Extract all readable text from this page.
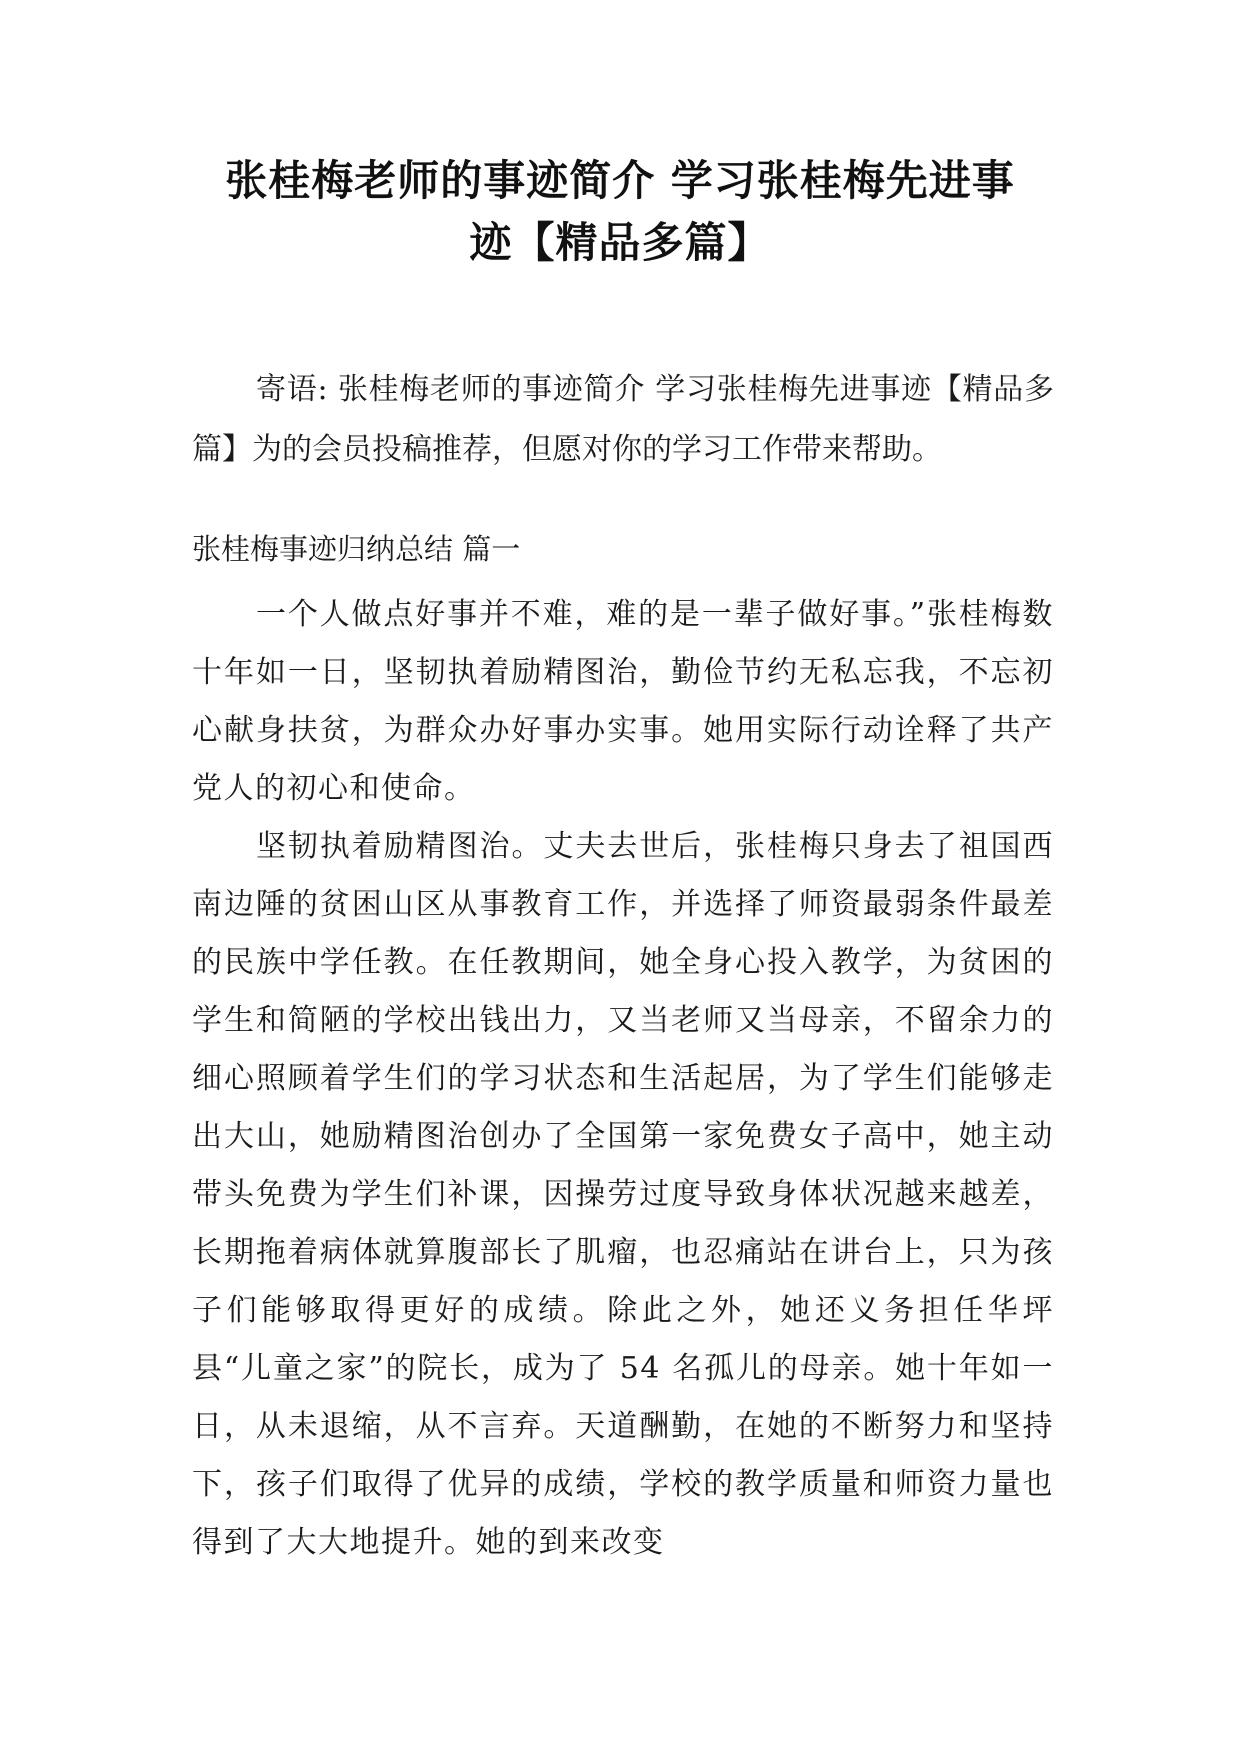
张桂梅老师的事迹简介 学习张桂梅先进事
迹【精品多篇】

寄语: 张桂梅老师的事迹简介 学习张桂梅先进事迹【精品多篇】为的会员投稿推荐，但愿对你的学习工作带来帮助。

张桂梅事迹归纳总结 篇一

一个人做点好事并不难，难的是一辈子做好事。”张桂梅数十年如一日，坚韧执着励精图治，勤俭节约无私忘我，不忘初心献身扶贫，为群众办好事办实事。她用实际行动诠释了共产党人的初心和使命。

坚韧执着励精图治。丈夫去世后，张桂梅只身去了祖国西南边陲的贫困山区从事教育工作，并选择了师资最弱条件最差的民族中学任教。在任教期间，她全身心投入教学，为贫困的学生和简陋的学校出钱出力，又当老师又当母亲，不留余力的细心照顾着学生们的学习状态和生活起居，为了学生们能够走出大山，她励精图治创办了全国第一家免费女子高中，她主动带头免费为学生们补课，因操劳过度导致身体状况越来越差，长期拖着病体就算腹部长了肌瘤，也忍痛站在讲台上，只为孩子们能够取得更好的成绩。除此之外，她还义务担任华坪县“儿童之家”的院长，成为了 54 名孤儿的母亲。她十年如一日，从未退缩，从不言弃。天道酬勤，在她的不断努力和坚持下，孩子们取得了优异的成绩，学校的教学质量和师资力量也得到了大大地提升。她的到来改变
